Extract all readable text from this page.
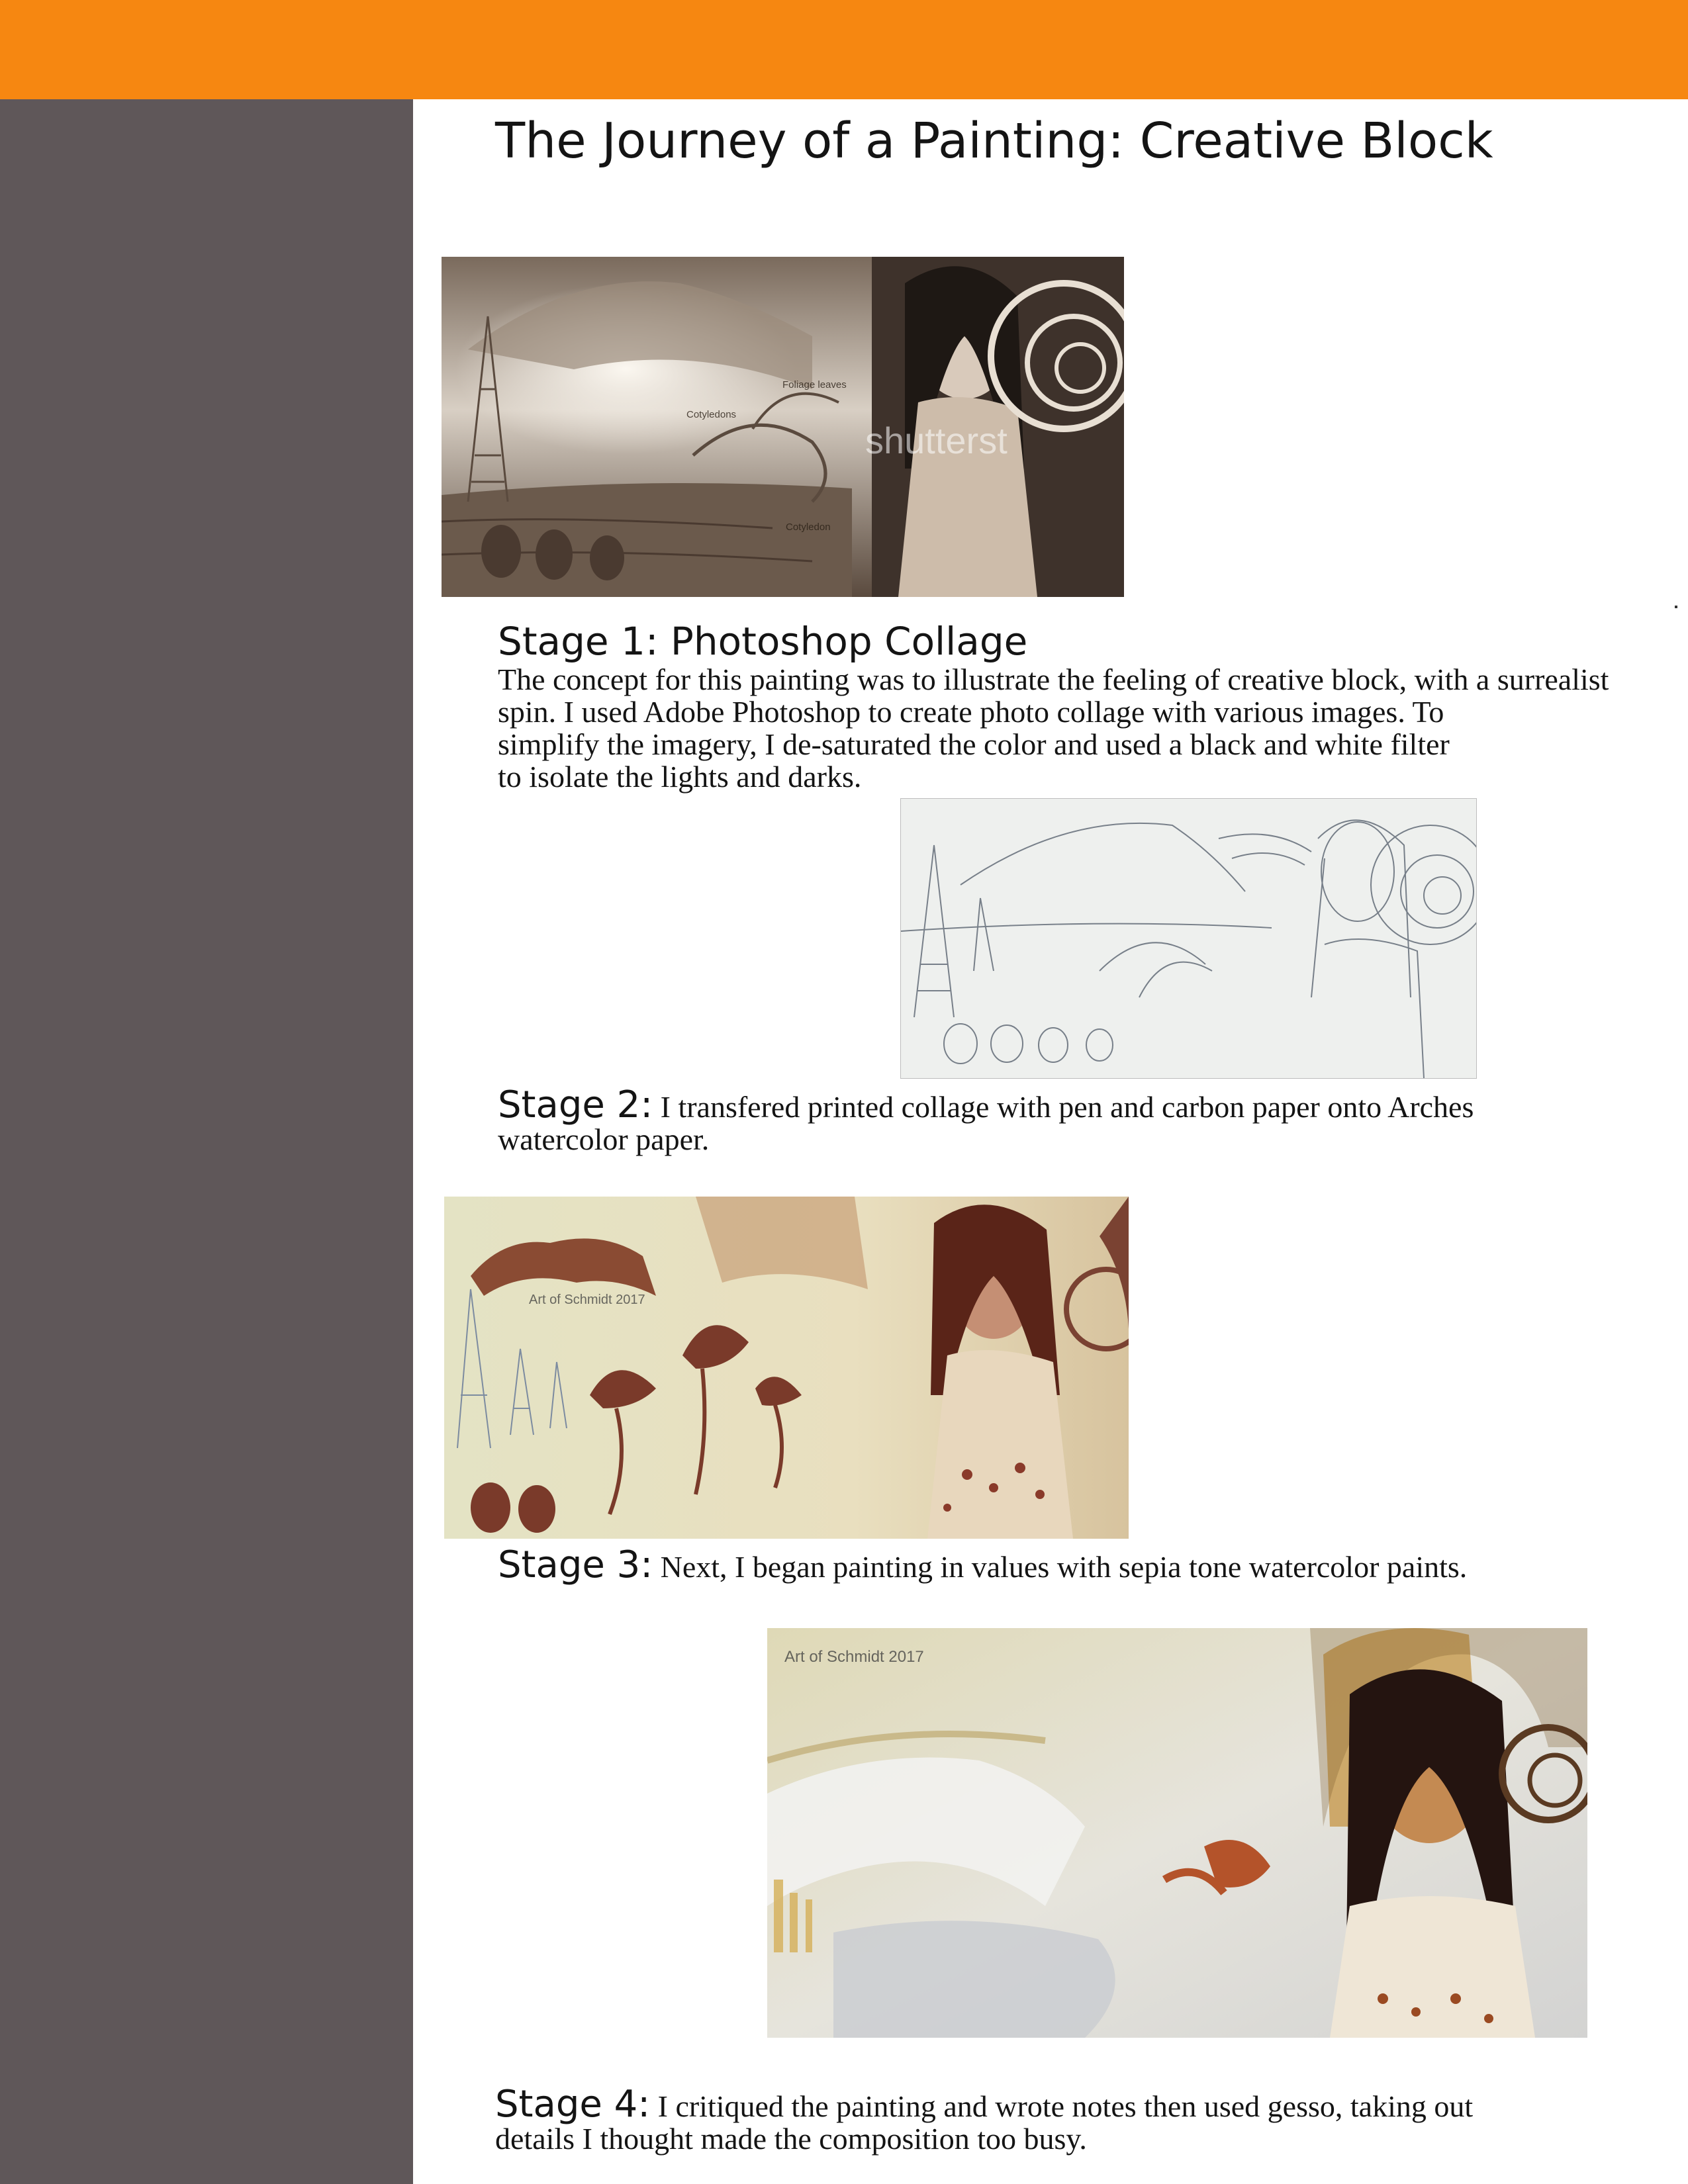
The Journey of a Painting: Creative Block
shutterst
Foliage leaves
Cotyledons
Cotyledon
Stage 1: Photoshop Collage
The concept for this painting was to illustrate the feeling of creative block, with a surrealist
spin. I used Adobe Photoshop to create photo collage with various images. To
simplify the imagery, I de-saturated the color and used a black and white filter
to isolate the lights and darks.
Stage 2: I transfered printed collage with pen and carbon paper onto Arches
watercolor paper.
Art of Schmidt 2017
Stage 3: Next, I began painting in values with sepia tone watercolor paints.
Art of Schmidt 2017
Stage 4: I critiqued the painting and wrote notes then used gesso, taking out
details I thought made the composition too busy.
